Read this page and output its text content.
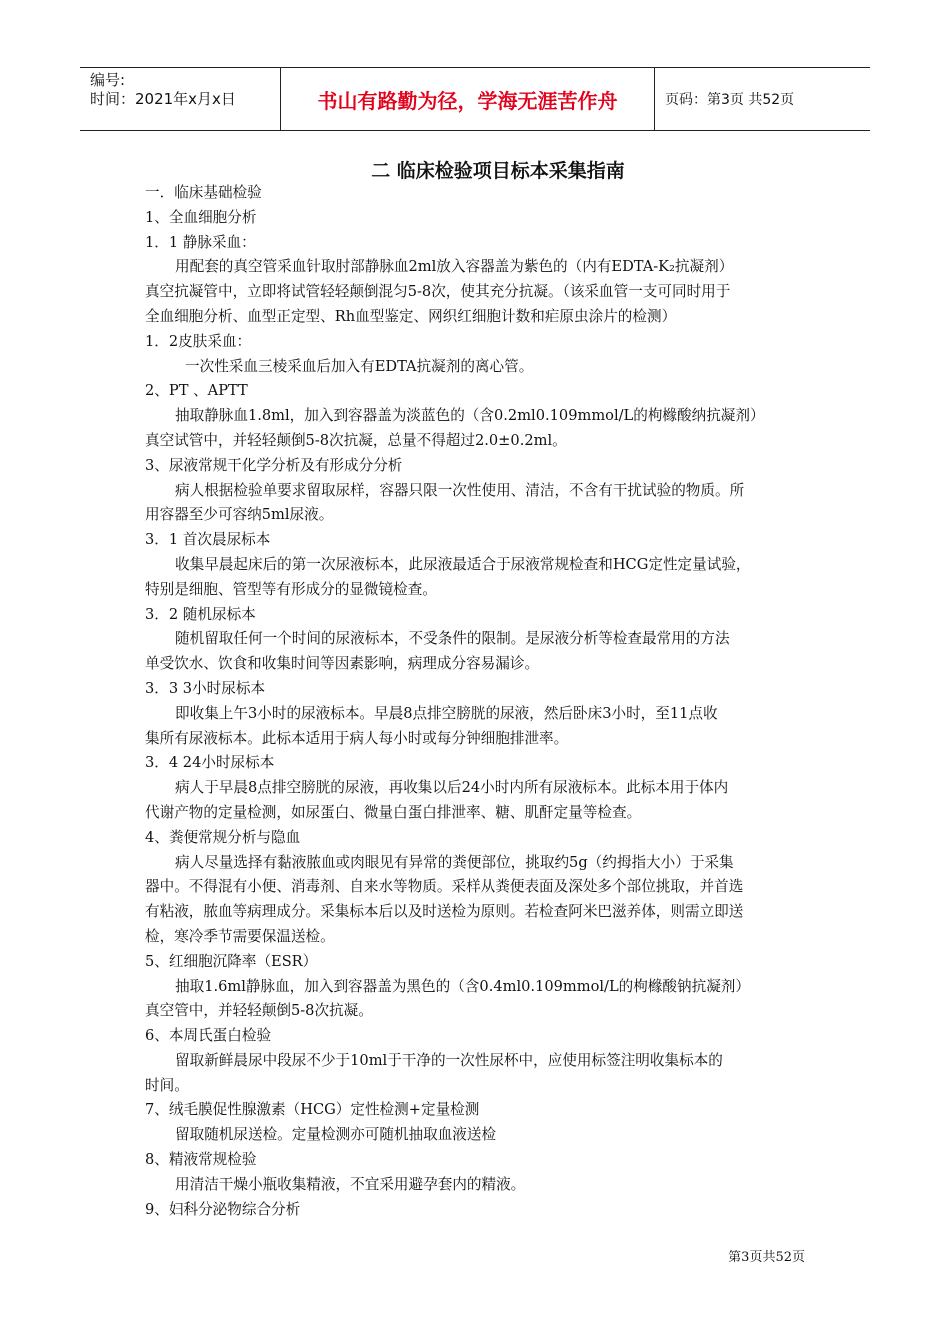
编号:
时间：2021年x月x日	书山有路勤为径，学海无涯苦作舟	页码：第3页 共52页
二 临床检验项目标本采集指南
一．临床基础检验
1、全血细胞分析
1．1 静脉采血：
用配套的真空管采血针取肘部静脉血2ml放入容器盖为紫色的（内有EDTA-K₂抗凝剂）
真空抗凝管中，立即将试管轻轻颠倒混匀5-8次，使其充分抗凝。（该采血管一支可同时用于
全血细胞分析、血型正定型、Rh血型鉴定、网织红细胞计数和疟原虫涂片的检测）
1．2皮肤采血：
一次性采血三棱采血后加入有EDTA抗凝剂的离心管。
2、PT 、APTT
抽取静脉血1.8ml，加入到容器盖为淡蓝色的（含0.2ml0.109mmol/L的枸橼酸纳抗凝剂）
真空试管中，并轻轻颠倒5-8次抗凝，总量不得超过2.0±0.2ml。
3、尿液常规干化学分析及有形成分分析
病人根据检验单要求留取尿样，容器只限一次性使用、清洁，不含有干扰试验的物质。所
用容器至少可容纳5ml尿液。
3．1 首次晨尿标本
收集早晨起床后的第一次尿液标本，此尿液最适合于尿液常规检查和HCG定性定量试验，
特别是细胞、管型等有形成分的显微镜检查。
3．2 随机尿标本
随机留取任何一个时间的尿液标本，不受条件的限制。是尿液分析等检查最常用的方法
单受饮水、饮食和收集时间等因素影响，病理成分容易漏诊。
3．3 3小时尿标本
即收集上午3小时的尿液标本。早晨8点排空膀胱的尿液，然后卧床3小时，至11点收
集所有尿液标本。此标本适用于病人每小时或每分钟细胞排泄率。
3．4 24小时尿标本
病人于早晨8点排空膀胱的尿液，再收集以后24小时内所有尿液标本。此标本用于体内
代谢产物的定量检测，如尿蛋白、微量白蛋白排泄率、糖、肌酐定量等检查。
4、粪便常规分析与隐血
病人尽量选择有黏液脓血或肉眼见有异常的粪便部位，挑取约5g（约拇指大小）于采集
器中。不得混有小便、消毒剂、自来水等物质。采样从粪便表面及深处多个部位挑取，并首选
有粘液，脓血等病理成分。采集标本后以及时送检为原则。若检查阿米巴滋养体，则需立即送
检，寒冷季节需要保温送检。
5、红细胞沉降率（ESR）
抽取1.6ml静脉血，加入到容器盖为黑色的（含0.4ml0.109mmol/L的枸橼酸钠抗凝剂）
真空管中，并轻轻颠倒5-8次抗凝。
6、本周氏蛋白检验
留取新鲜晨尿中段尿不少于10ml于干净的一次性尿杯中，应使用标签注明收集标本的
时间。
7、绒毛膜促性腺激素（HCG）定性检测+定量检测
留取随机尿送检。定量检测亦可随机抽取血液送检
8、精液常规检验
用清洁干燥小瓶收集精液，不宜采用避孕套内的精液。
9、妇科分泌物综合分析
第3页共52页
